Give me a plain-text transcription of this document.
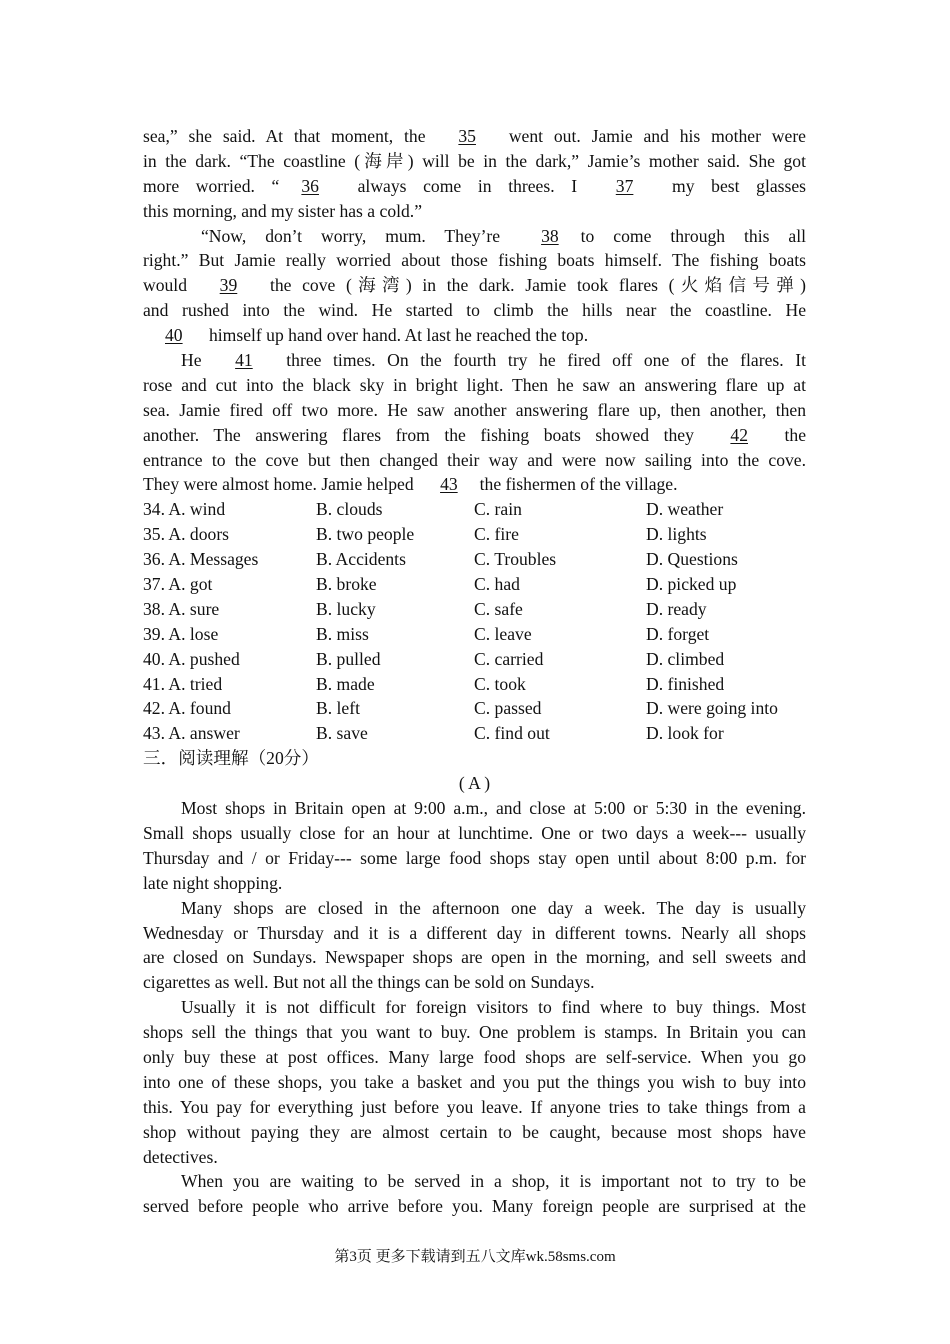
sea,” she said. At that moment, the 35 went out. Jamie and his mother were
in the dark. “The coastline (海岸) will be in the dark,” Jamie’s mother said. She got
more worried. “ 36 always come in threes. I 37 my best glasses
this morning, and my sister has a cold.”
“Now, don’t worry, mum. They’re 38 to come through this all
right.” But Jamie really worried about those fishing boats himself. The fishing boats
would 39 the cove (海湾) in the dark. Jamie took flares (火焰信号弹)
and rushed into the wind. He started to climb the hills near the coastline. He
40 himself up hand over hand. At last he reached the top.
He 41 three times. On the fourth try he fired off one of the flares. It
rose and cut into the black sky in bright light. Then he saw an answering flare up at
sea. Jamie fired off two more. He saw another answering flare up, then another, then
another. The answering flares from the fishing boats showed they 42 the
entrance to the cove but then changed their way and were now sailing into the cove.
They were almost home. Jamie helped 43 the fishermen of the village.
34. A. wind	B. clouds	C. rain	D. weather
35. A. doors	B. two people	C. fire	D. lights
36. A. Messages	B. Accidents	C. Troubles	D. Questions
37. A. got	B. broke	C. had	D. picked up
38. A. sure	B. lucky	C. safe	D. ready
39. A. lose	B. miss	C. leave	D. forget
40. A. pushed	B. pulled	C. carried	D. climbed
41. A. tried	B. made	C. took	D. finished
42. A. found	B. left	C. passed	D. were going into
43. A. answer	B. save	C. find out	D. look for
三．阅读理解（20分）
( A )
Most shops in Britain open at 9:00 a.m., and close at 5:00 or 5:30 in the evening.
Small shops usually close for an hour at lunchtime. One or two days a week--- usually
Thursday and / or Friday--- some large food shops stay open until about 8:00 p.m. for
late night shopping.
Many shops are closed in the afternoon one day a week. The day is usually
Wednesday or Thursday and it is a different day in different towns. Nearly all shops
are closed on Sundays. Newspaper shops are open in the morning, and sell sweets and
cigarettes as well. But not all the things can be sold on Sundays.
Usually it is not difficult for foreign visitors to find where to buy things. Most
shops sell the things that you want to buy. One problem is stamps. In Britain you can
only buy these at post offices. Many large food shops are self-service. When you go
into one of these shops, you take a basket and you put the things you wish to buy into
this. You pay for everything just before you leave. If anyone tries to take things from a
shop without paying they are almost certain to be caught, because most shops have
detectives.
When you are waiting to be served in a shop, it is important not to try to be
served before people who arrive before you. Many foreign people are surprised at the
第3页 更多下载请到五八文库wk.58sms.com
